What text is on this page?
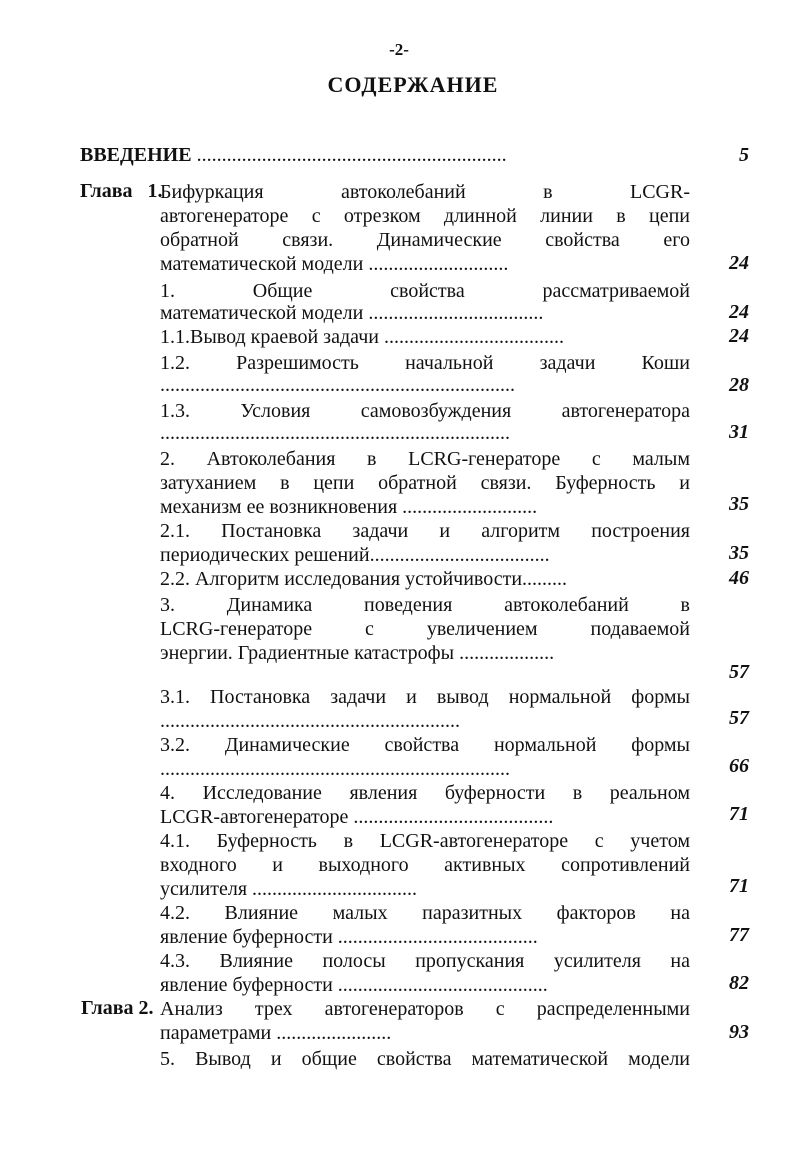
-2-
СОДЕРЖАНИЕ
ВВЕДЕНИЕ ..............................................................	5
Глава   1.
Бифуркация автоколебаний в LCGR-
автогенераторе с отрезком длинной линии в цепи
обратной связи. Динамические свойства его
математической модели ............................	24
1. Общие свойства рассматриваемой
математической модели ...................................	24
1.1.Вывод краевой задачи ....................................	24
1.2. Разрешимость начальной задачи Коши
.......................................................................	28
1.3. Условия самовозбуждения автогенератора
......................................................................	31
2. Автоколебания в LCRG-генераторе с малым
затуханием в цепи обратной связи. Буферность и
механизм ее возникновения ...........................	35
2.1. Постановка задачи и алгоритм построения
периодических решений....................................	35
2.2. Алгоритм исследования устойчивости.........	46
3. Динамика поведения автоколебаний в
LCRG-генераторе с увеличением подаваемой
энергии. Градиентные катастрофы ...................
57
3.1. Постановка задачи и вывод нормальной формы
............................................................	57
3.2. Динамические свойства нормальной формы
......................................................................	66
4. Исследование явления буферности в реальном
LCGR-автогенераторе ........................................	71
4.1. Буферность в LCGR-автогенераторе с учетом
входного и выходного активных сопротивлений
усилителя .................................	71
4.2. Влияние малых паразитных факторов на
явление буферности ........................................	77
4.3. Влияние полосы пропускания усилителя на
явление буферности ..........................................	82
Глава 2. Анализ трех автогенераторов с распределенными
параметрами .......................	93
5. Вывод и общие свойства математической модели
